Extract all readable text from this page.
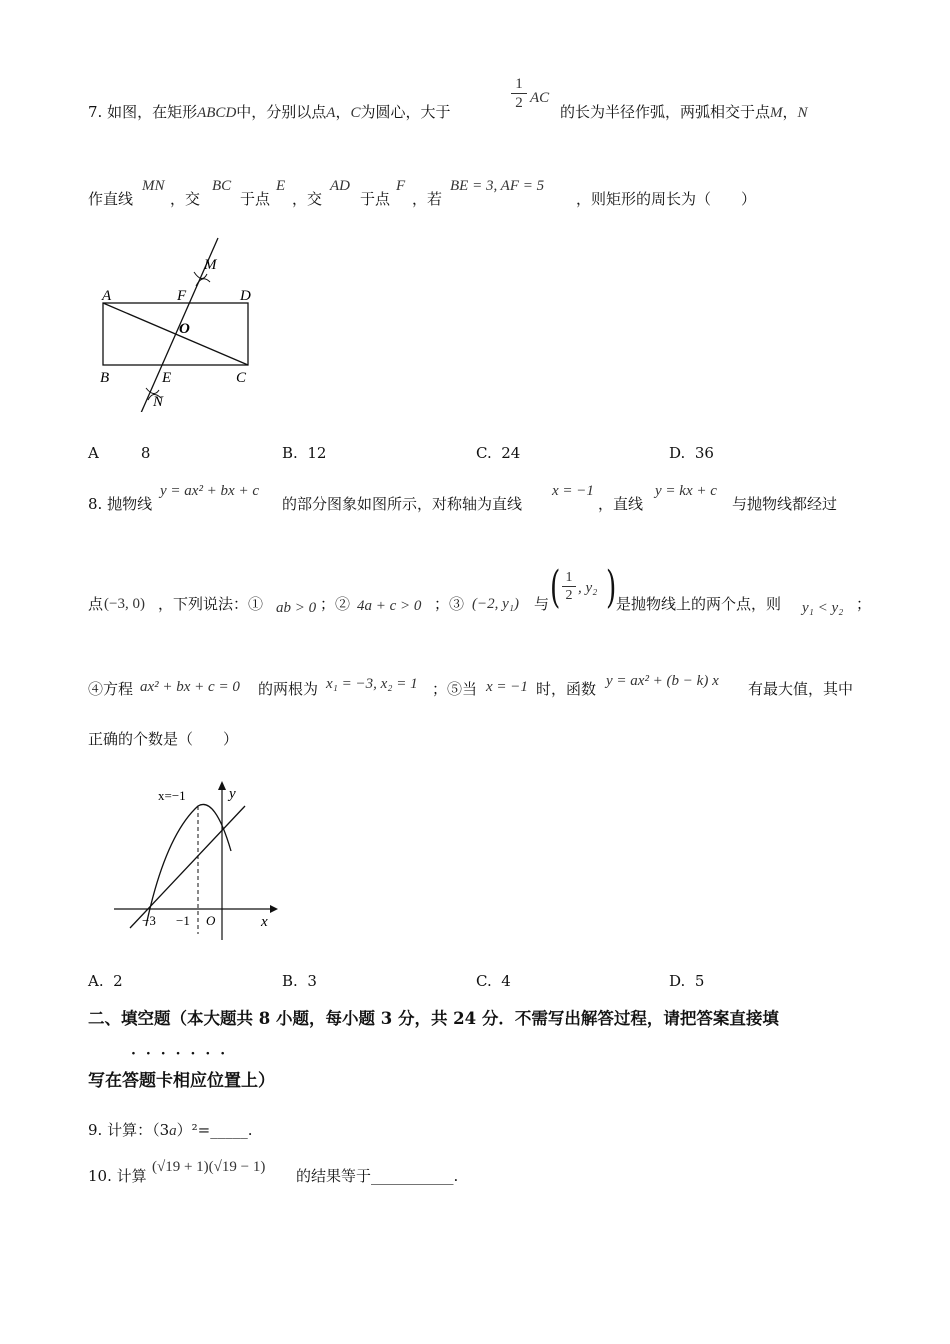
7. 如图，在矩形ABCD中，分别以点A，C为圆心，大于
1
2 AC
的长为半径作弧，两弧相交于点M，N
作直线
MN
，交
BC
于点
E
，交
AD
于点
F
，若
BE = 3, AF = 5
，则矩形的周长为（　　）
A	D
F
M
O
B	E	C
N
A	8	B. 12	C. 24	D. 36
8. 抛物线
y = ax² + bx + c
的部分图象如图所示，对称轴为直线
x = −1
，直线
y = kx + c
与抛物线都经过
点 (−3, 0) ，下列说法：① ab > 0 ；② 4a + c > 0 ；③ (−2, y₁) 与 ( 1
2 , y₂ ) 是抛物线上的两个点，则 y₁ < y₂ ；
④方程 ax² + bx + c = 0 的两根为 x₁ = −3, x₂ = 1 ；⑤当 x = −1 时，函数 y = ax² + (b − k) x 有最大值，其中
正确的个数是（　　）
x=−1	y
x
−3 −1 O
A. 2	B. 3	C. 4	D. 5
二、填空题（本大题共 8 小题，每小题 3 分，共 24 分．不需写出解答过程，请把答案直接填
·······
写在答题卡相应位置上）
9. 计算：（3a）²=_____.
10. 计算 (√19 + 1)(√19 − 1) 的结果等于___________.
